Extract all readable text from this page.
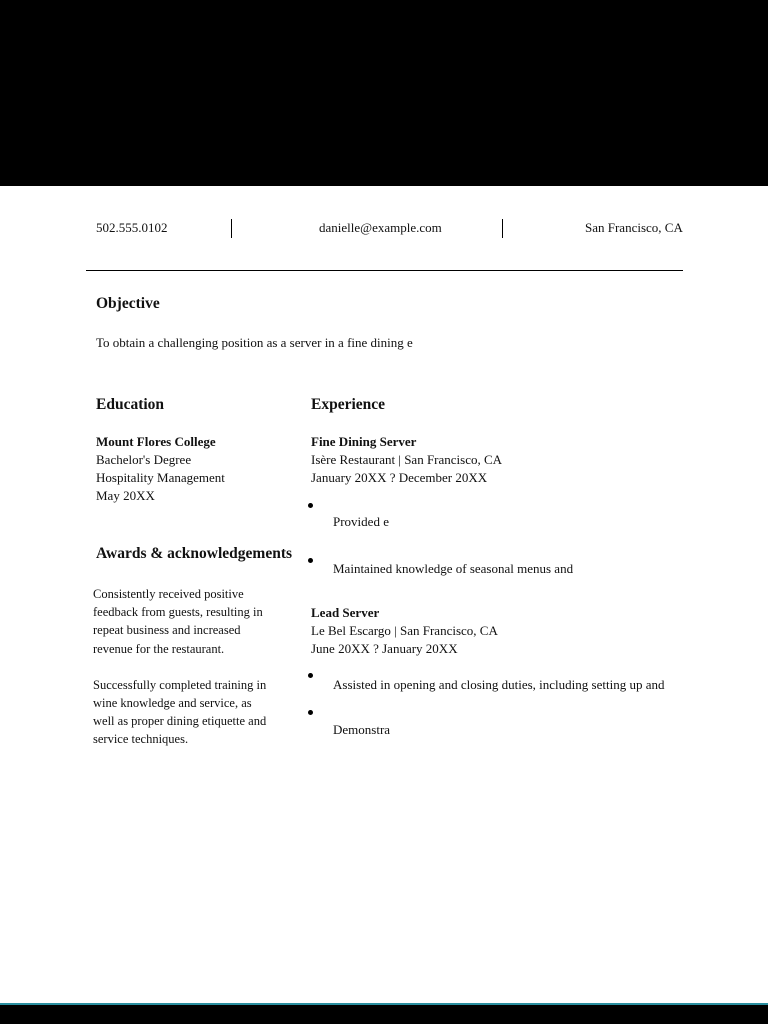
502.555.0102	danielle@example.com	San Francisco, CA
Objective
To obtain a challenging position as a server in a fine dining e
Education
Mount Flores College
Bachelor's Degree
Hospitality Management
May 20XX
Awards & acknowledgements

Consistently received positive feedback from guests, resulting in repeat business and increased revenue for the restaurant.

Successfully completed training in wine knowledge and service, as well as proper dining etiquette and service techniques.

Experience
Fine Dining Server
Isère Restaurant | San Francisco, CA
January 20XX ? December 20XX
Provided e
Maintained knowledge of seasonal menus and
Lead Server
Le Bel Escargo | San Francisco, CA
June 20XX ? January 20XX
Assisted in opening and closing duties, including setting up and
Demonstra
